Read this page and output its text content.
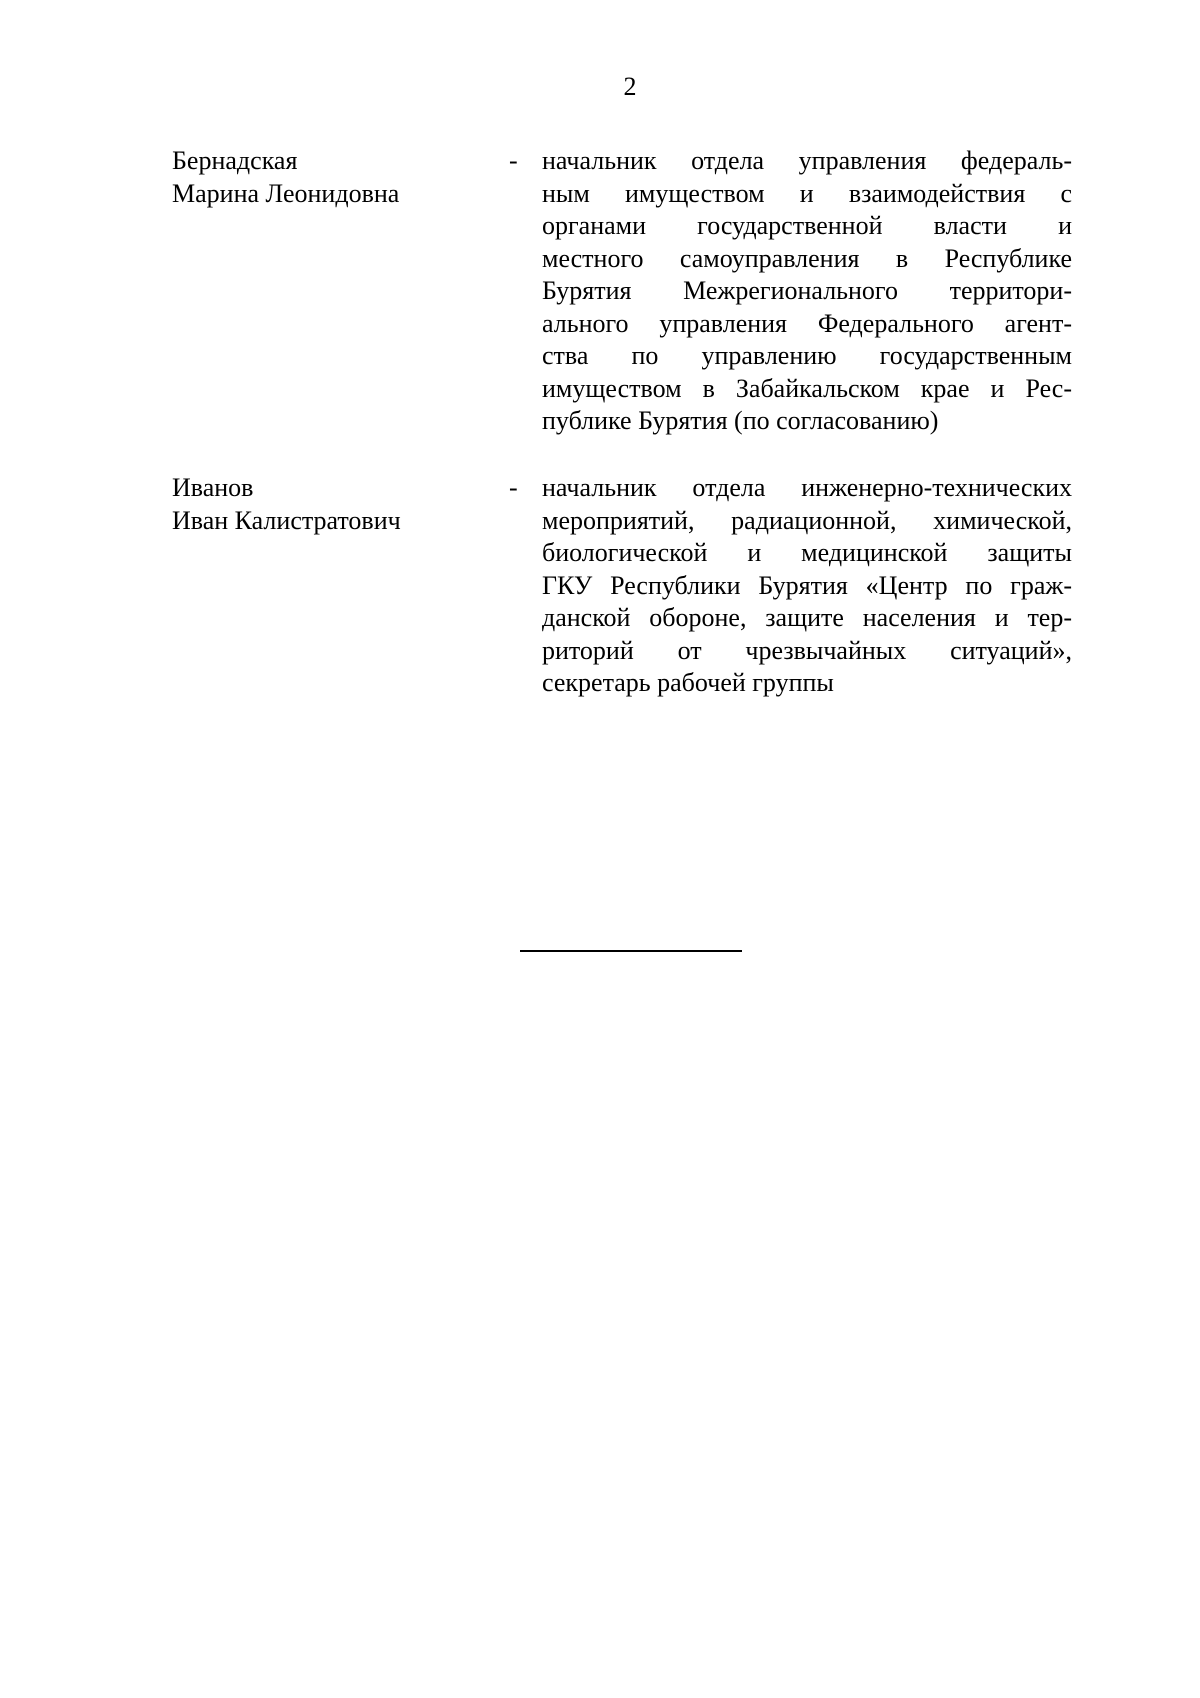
2
Бернадская
Марина Леонидовна
- начальник отдела управления федераль-
ным имуществом и взаимодействия с
органами государственной власти и
местного самоуправления в Республике
Бурятия Межрегионального территори-
ального управления Федерального агент-
ства по управлению государственным
имуществом в Забайкальском крае и Рес-
публике Бурятия (по согласованию)
Иванов
Иван Калистратович
- начальник отдела инженерно-технических
мероприятий, радиационной, химической,
биологической и медицинской защиты
ГКУ Республики Бурятия «Центр по граж-
данской обороне, защите населения и тер-
риторий от чрезвычайных ситуаций»,
секретарь рабочей группы
